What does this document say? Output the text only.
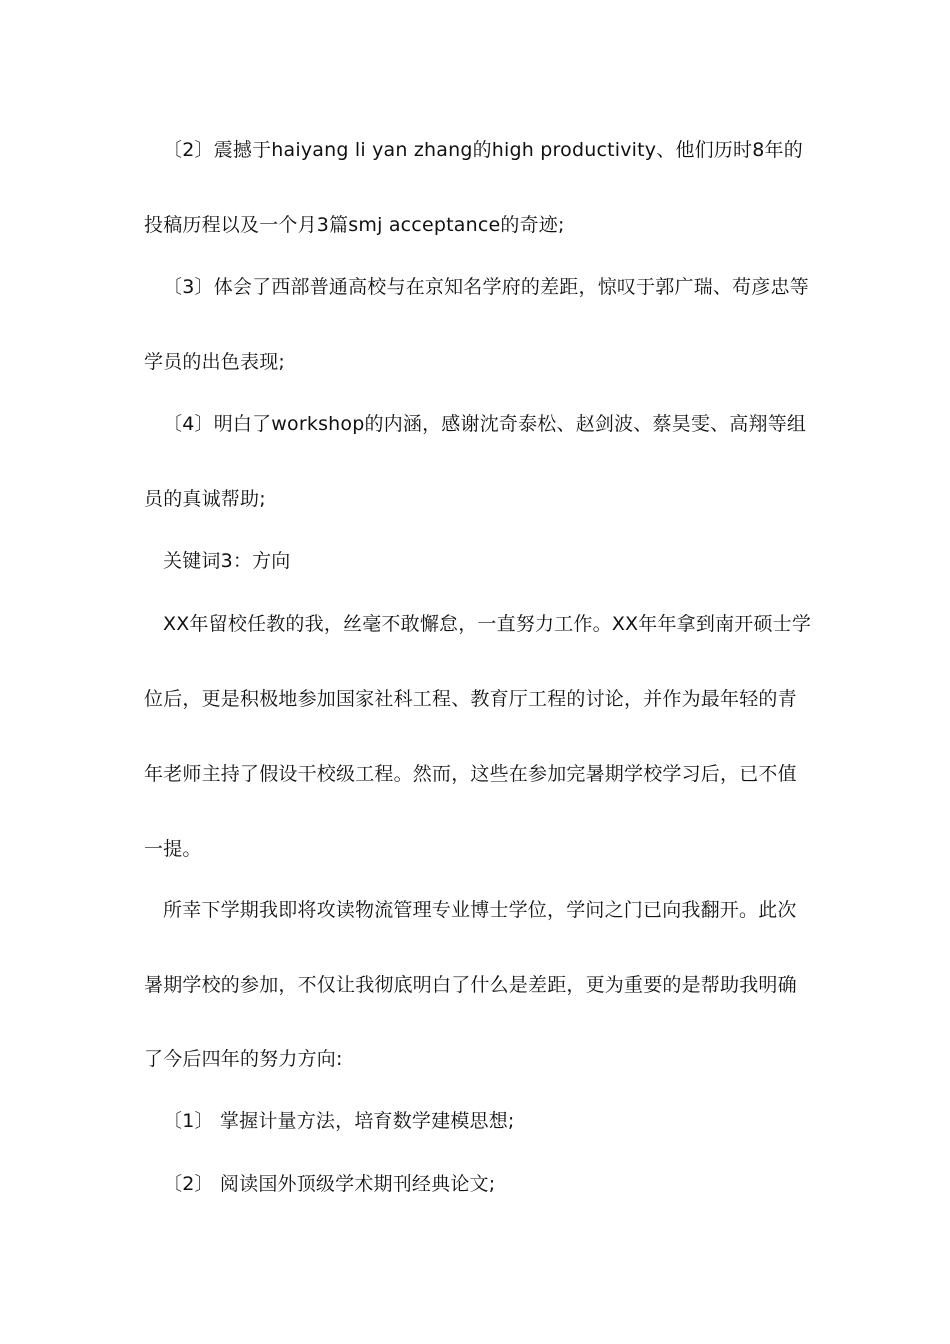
〔2〕震撼于haiyang li yan zhang的high productivity、他们历时8年的
投稿历程以及一个月3篇smj acceptance的奇迹;
〔3〕体会了西部普通高校与在京知名学府的差距，惊叹于郭广瑞、苟彦忠等
学员的出色表现;
〔4〕明白了workshop的内涵，感谢沈奇泰松、赵剑波、蔡昊雯、高翔等组
员的真诚帮助;
关键词3：方向
XX年留校任教的我，丝毫不敢懈怠，一直努力工作。XX年年拿到南开硕士学
位后，更是积极地参加国家社科工程、教育厅工程的讨论，并作为最年轻的青
年老师主持了假设干校级工程。然而，这些在参加完暑期学校学习后，已不值
一提。
所幸下学期我即将攻读物流管理专业博士学位，学问之门已向我翻开。此次
暑期学校的参加，不仅让我彻底明白了什么是差距，更为重要的是帮助我明确
了今后四年的努力方向:
〔1〕 掌握计量方法，培育数学建模思想;
〔2〕 阅读国外顶级学术期刊经典论文;
